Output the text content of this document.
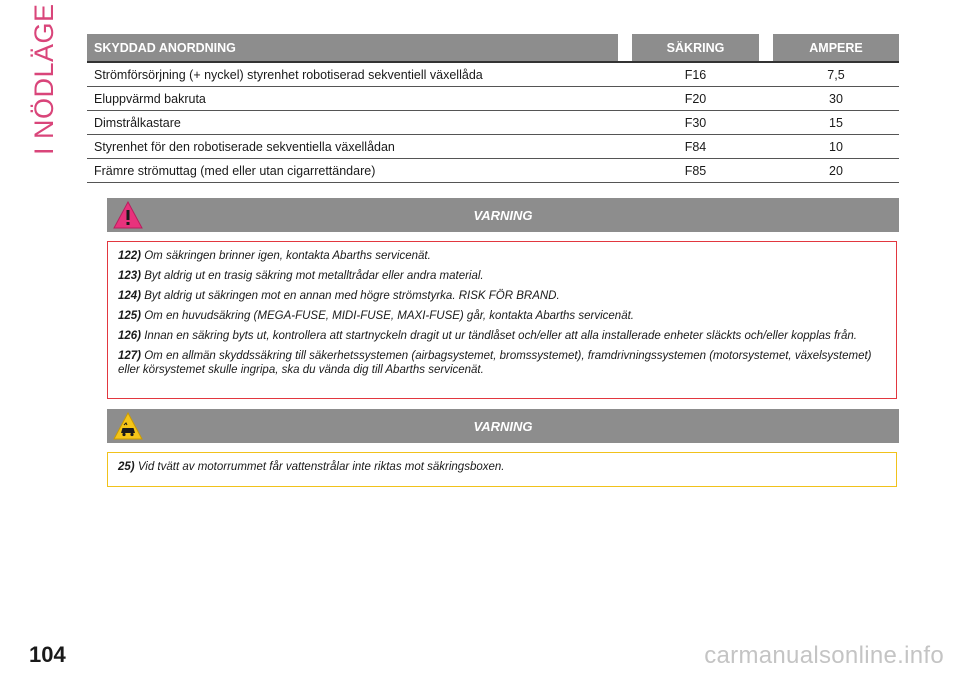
I NÖDLÄGE	SKYDDAD ANORDNING		SÄKRING		AMPERE
Strömförsörjning (+ nyckel) styrenhet robotiserad sekventiell växellåda		F16		7,5
Eluppvärmd bakruta		F20		30
Dimstrålkastare		F30		15
Styrenhet för den robotiserade sekventiella växellådan		F84		10
Främre strömuttag (med eller utan cigarrettändare)		F85		20
VARNING
122) Om säkringen brinner igen, kontakta Abarths servicenät.
123) Byt aldrig ut en trasig säkring mot metalltrådar eller andra material.
124) Byt aldrig ut säkringen mot en annan med högre strömstyrka. RISK FÖR BRAND.
125) Om en huvudsäkring (MEGA-FUSE, MIDI-FUSE, MAXI-FUSE) går, kontakta Abarths servicenät.
126) Innan en säkring byts ut, kontrollera att startnyckeln dragit ut ur tändlåset och/eller att alla installerade enheter släckts och/eller kopplas från.
127) Om en allmän skyddssäkring till säkerhetssystemen (airbagsystemet, bromssystemet), framdrivningssystemen (motorsystemet, växelsystemet) eller körsystemet skulle ingripa, ska du vända dig till Abarths servicenät.
VARNING
25) Vid tvätt av motorrummet får vattenstrålar inte riktas mot säkringsboxen.
104	carmanualsonline.info
